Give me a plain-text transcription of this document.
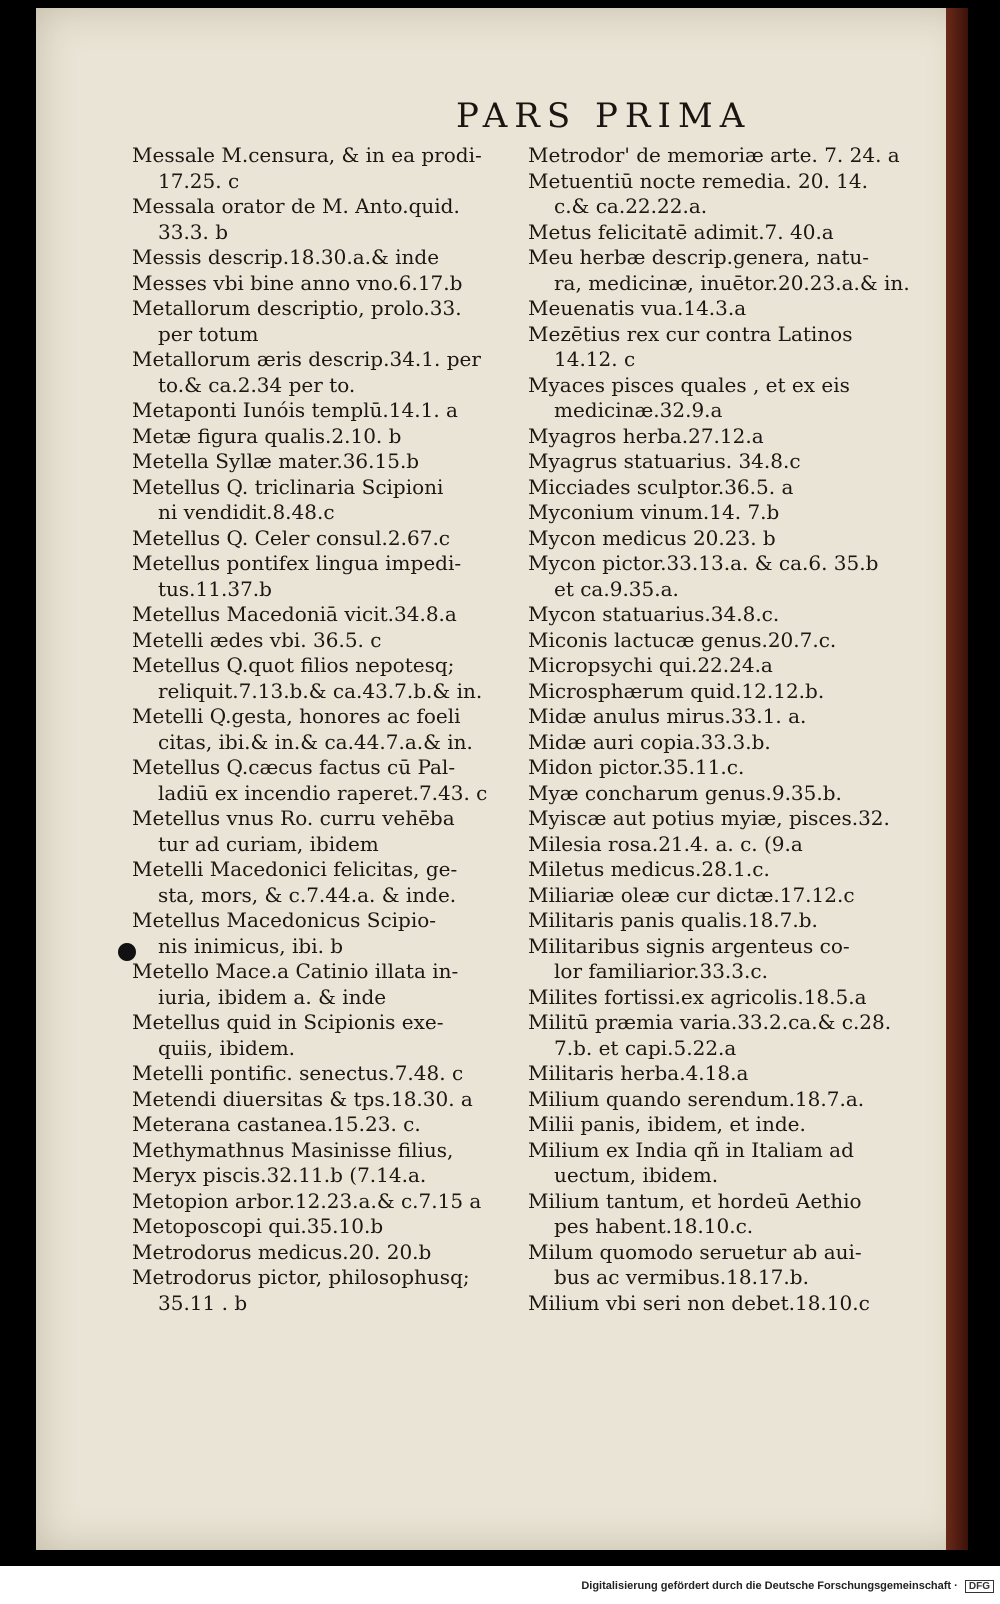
PARS PRIMA
Messale M.censura, & in ea prodi-
17.25. c
Messala orator de M. Anto.quid.
33.3. b
Messis descrip.18.30.a.& inde
Messes vbi bine anno vno.6.17.b
Metallorum descriptio, prolo.33.
per totum
Metallorum æris descrip.34.1. per
to.& ca.2.34 per to.
Metaponti Iunóis templū.14.1. a
Metæ figura qualis.2.10. b
Metella Syllæ mater.36.15.b
Metellus Q. triclinaria Scipioni
ni vendidit.8.48.c
Metellus Q. Celer consul.2.67.c
Metellus pontifex lingua impedi-
tus.11.37.b
Metellus Macedoniā vicit.34.8.a
Metelli ædes vbi. 36.5. c
Metellus Q.quot filios nepotesq;
reliquit.7.13.b.& ca.43.7.b.& in.
Metelli Q.gesta, honores ac foeli
citas, ibi.& in.& ca.44.7.a.& in.
Metellus Q.cæcus factus cū Pal-
ladiū ex incendio raperet.7.43. c
Metellus vnus Ro. curru vehēba
tur ad curiam, ibidem
Metelli Macedonici felicitas, ge-
sta, mors, & c.7.44.a. & inde.
Metellus Macedonicus Scipio-
nis inimicus, ibi. b
Metello Mace.a Catinio illata in-
iuria, ibidem a. & inde
Metellus quid in Scipionis exe-
quiis, ibidem.
Metelli pontific. senectus.7.48. c
Metendi diuersitas & tps.18.30. a
Meterana castanea.15.23. c.
Methymathnus Masinisse filius,
Meryx piscis.32.11.b (7.14.a.
Metopion arbor.12.23.a.& c.7.15 a
Metoposcopi qui.35.10.b
Metrodorus medicus.20. 20.b
Metrodorus pictor, philosophusq;
35.11 . b
Metrodor' de memoriæ arte. 7. 24. a
Metuentiū nocte remedia. 20. 14.
c.& ca.22.22.a.
Metus felicitatē adimit.7. 40.a
Meu herbæ descrip.genera, natu-
ra, medicinæ, inuētor.20.23.a.& in.
Meuenatis vua.14.3.a
Mezētius rex cur contra Latinos
14.12. c
Myaces pisces quales , et ex eis
medicinæ.32.9.a
Myagros herba.27.12.a
Myagrus statuarius. 34.8.c
Micciades sculptor.36.5. a
Myconium vinum.14. 7.b
Mycon medicus 20.23. b
Mycon pictor.33.13.a. & ca.6. 35.b
et ca.9.35.a.
Mycon statuarius.34.8.c.
Miconis lactucæ genus.20.7.c.
Micropsychi qui.22.24.a
Microsphærum quid.12.12.b.
Midæ anulus mirus.33.1. a.
Midæ auri copia.33.3.b.
Midon pictor.35.11.c.
Myæ concharum genus.9.35.b.
Myiscæ aut potius myiæ, pisces.32.
Milesia rosa.21.4. a. c. (9.a
Miletus medicus.28.1.c.
Miliariæ oleæ cur dictæ.17.12.c
Militaris panis qualis.18.7.b.
Militaribus signis argenteus co-
lor familiarior.33.3.c.
Milites fortissi.ex agricolis.18.5.a
Militū præmia varia.33.2.ca.& c.28.
7.b. et capi.5.22.a
Militaris herba.4.18.a
Milium quando serendum.18.7.a.
Milii panis, ibidem, et inde.
Milium ex India qñ in Italiam ad
uectum, ibidem.
Milium tantum, et hordeū Aethio
pes habent.18.10.c.
Milum quomodo seruetur ab aui-
bus ac vermibus.18.17.b.
Milium vbi seri non debet.18.10.c
Digitalisierung gefördert durch die Deutsche Forschungsgemeinschaft · DFG
